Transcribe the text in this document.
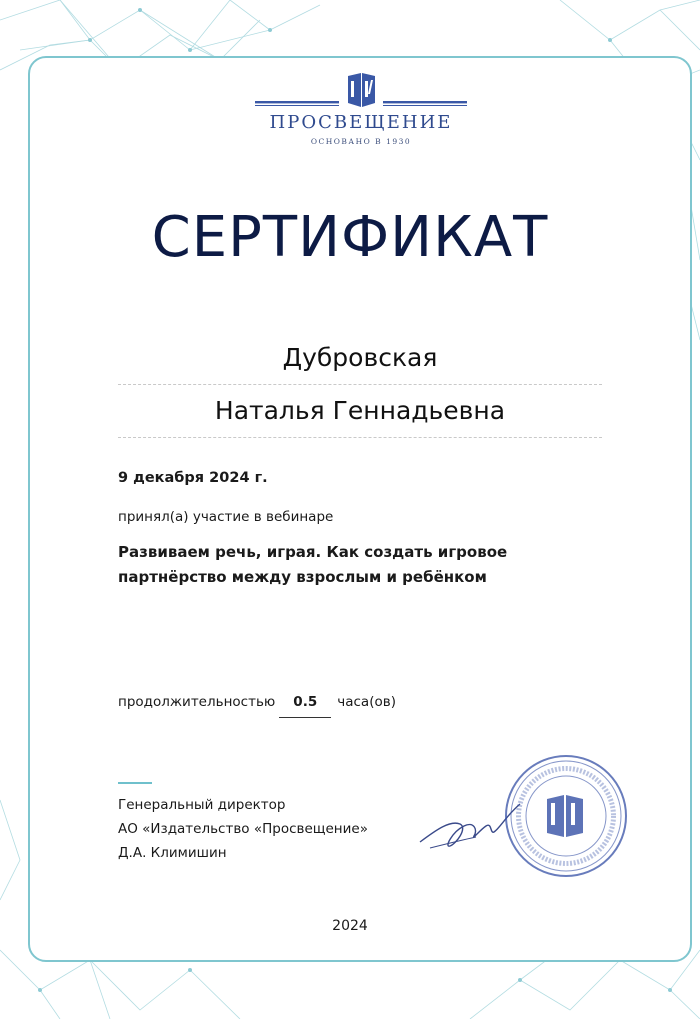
ПРОСВЕЩЕНИЕ
ОСНОВАНО В 1930
СЕРТИФИКАТ
Дубровская
Наталья Геннадьевна
9 декабря 2024 г.
принял(а) участие в вебинаре
Развиваем речь, играя. Как создать игровое партнёрство между взрослым и ребёнком
продолжительностью	0.5	часа(ов)
Генеральный директор
АО «Издательство «Просвещение»
Д.А. Климишин
2024
